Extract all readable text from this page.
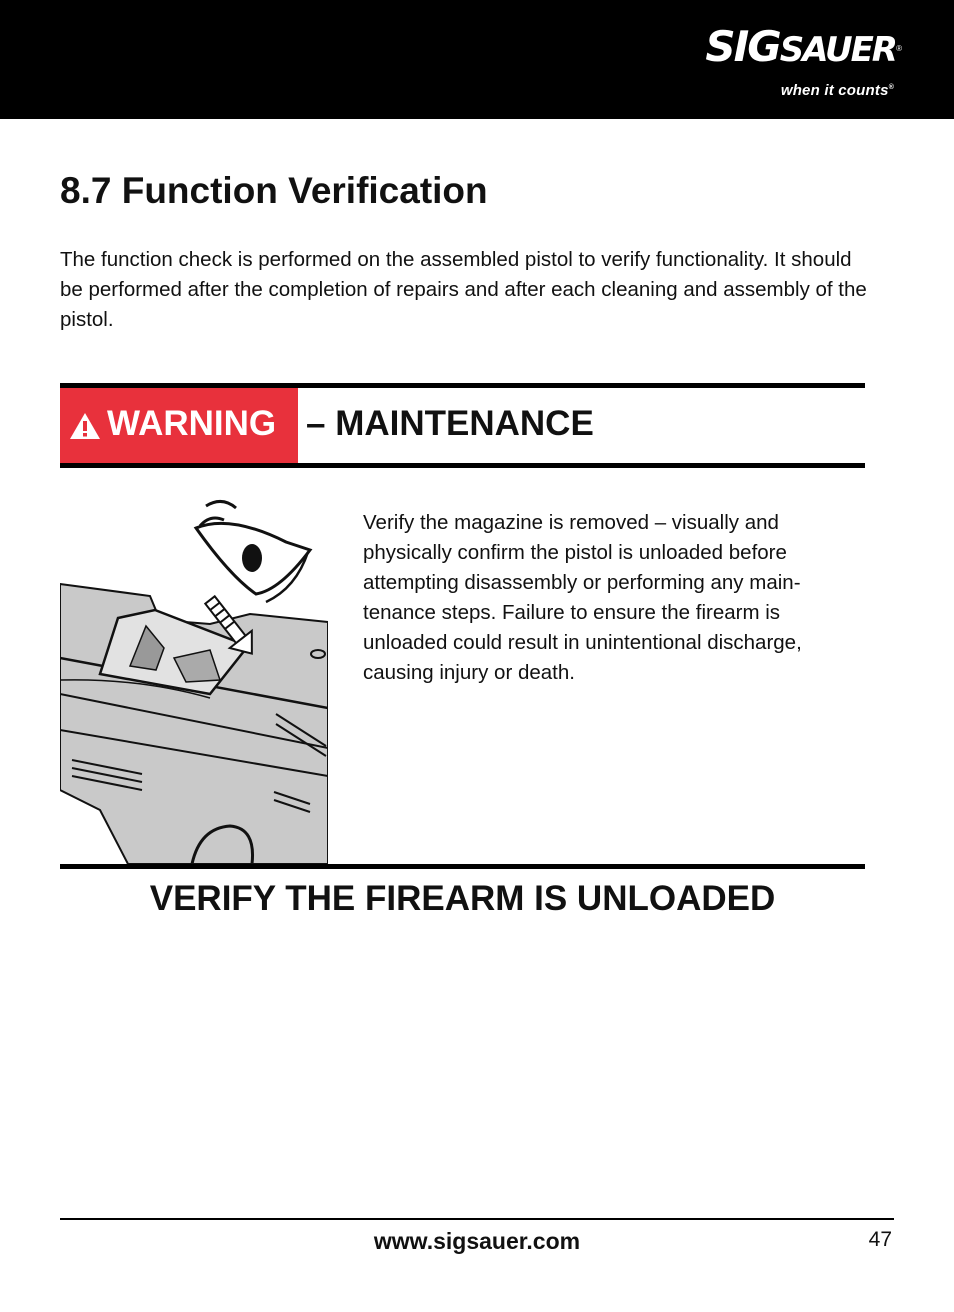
SIGSAUER ®
when it counts®
8.7 Function Verification

The function check is performed on the assembled pistol to verify functionality. It should be performed after the completion of repairs and after each cleaning and assembly of the pistol.

WARNING – MAINTENANCE

Verify the magazine is removed – visually and physically confirm the pistol is unloaded before attempting disassembly or performing any main-tenance steps. Failure to ensure the firearm is unloaded could result in unintentional discharge, causing injury or death.

VERIFY THE FIREARM IS UNLOADED
www.sigsauer.com	47
